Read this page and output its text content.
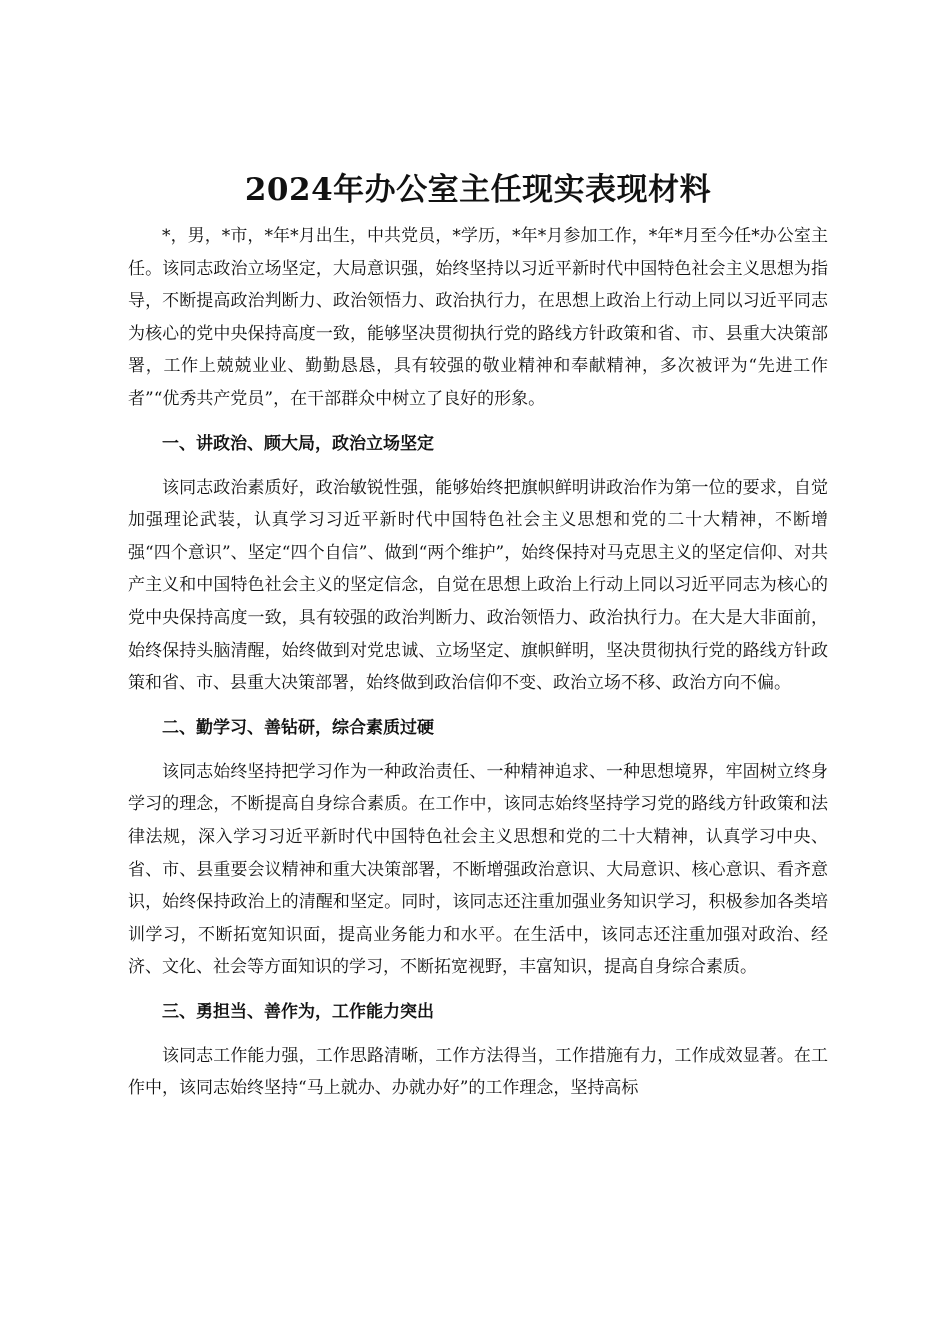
2024年办公室主任现实表现材料

*，男，*市，*年*月出生，中共党员，*学历，*年*月参加工作，*年*月至今任*办公室主任。该同志政治立场坚定，大局意识强，始终坚持以习近平新时代中国特色社会主义思想为指导，不断提高政治判断力、政治领悟力、政治执行力，在思想上政治上行动上同以习近平同志为核心的党中央保持高度一致，能够坚决贯彻执行党的路线方针政策和省、市、县重大决策部署，工作上兢兢业业、勤勤恳恳，具有较强的敬业精神和奉献精神，多次被评为“先进工作者”“优秀共产党员”，在干部群众中树立了良好的形象。

一、讲政治、顾大局，政治立场坚定

该同志政治素质好，政治敏锐性强，能够始终把旗帜鲜明讲政治作为第一位的要求，自觉加强理论武装，认真学习习近平新时代中国特色社会主义思想和党的二十大精神，不断增强“四个意识”、坚定“四个自信”、做到“两个维护”，始终保持对马克思主义的坚定信仰、对共产主义和中国特色社会主义的坚定信念，自觉在思想上政治上行动上同以习近平同志为核心的党中央保持高度一致，具有较强的政治判断力、政治领悟力、政治执行力。在大是大非面前，始终保持头脑清醒，始终做到对党忠诚、立场坚定、旗帜鲜明，坚决贯彻执行党的路线方针政策和省、市、县重大决策部署，始终做到政治信仰不变、政治立场不移、政治方向不偏。

二、勤学习、善钻研，综合素质过硬

该同志始终坚持把学习作为一种政治责任、一种精神追求、一种思想境界，牢固树立终身学习的理念，不断提高自身综合素质。在工作中，该同志始终坚持学习党的路线方针政策和法律法规，深入学习习近平新时代中国特色社会主义思想和党的二十大精神，认真学习中央、省、市、县重要会议精神和重大决策部署，不断增强政治意识、大局意识、核心意识、看齐意识，始终保持政治上的清醒和坚定。同时，该同志还注重加强业务知识学习，积极参加各类培训学习，不断拓宽知识面，提高业务能力和水平。在生活中，该同志还注重加强对政治、经济、文化、社会等方面知识的学习，不断拓宽视野，丰富知识，提高自身综合素质。

三、勇担当、善作为，工作能力突出

该同志工作能力强，工作思路清晰，工作方法得当，工作措施有力，工作成效显著。在工作中，该同志始终坚持“马上就办、办就办好”的工作理念，坚持高标
